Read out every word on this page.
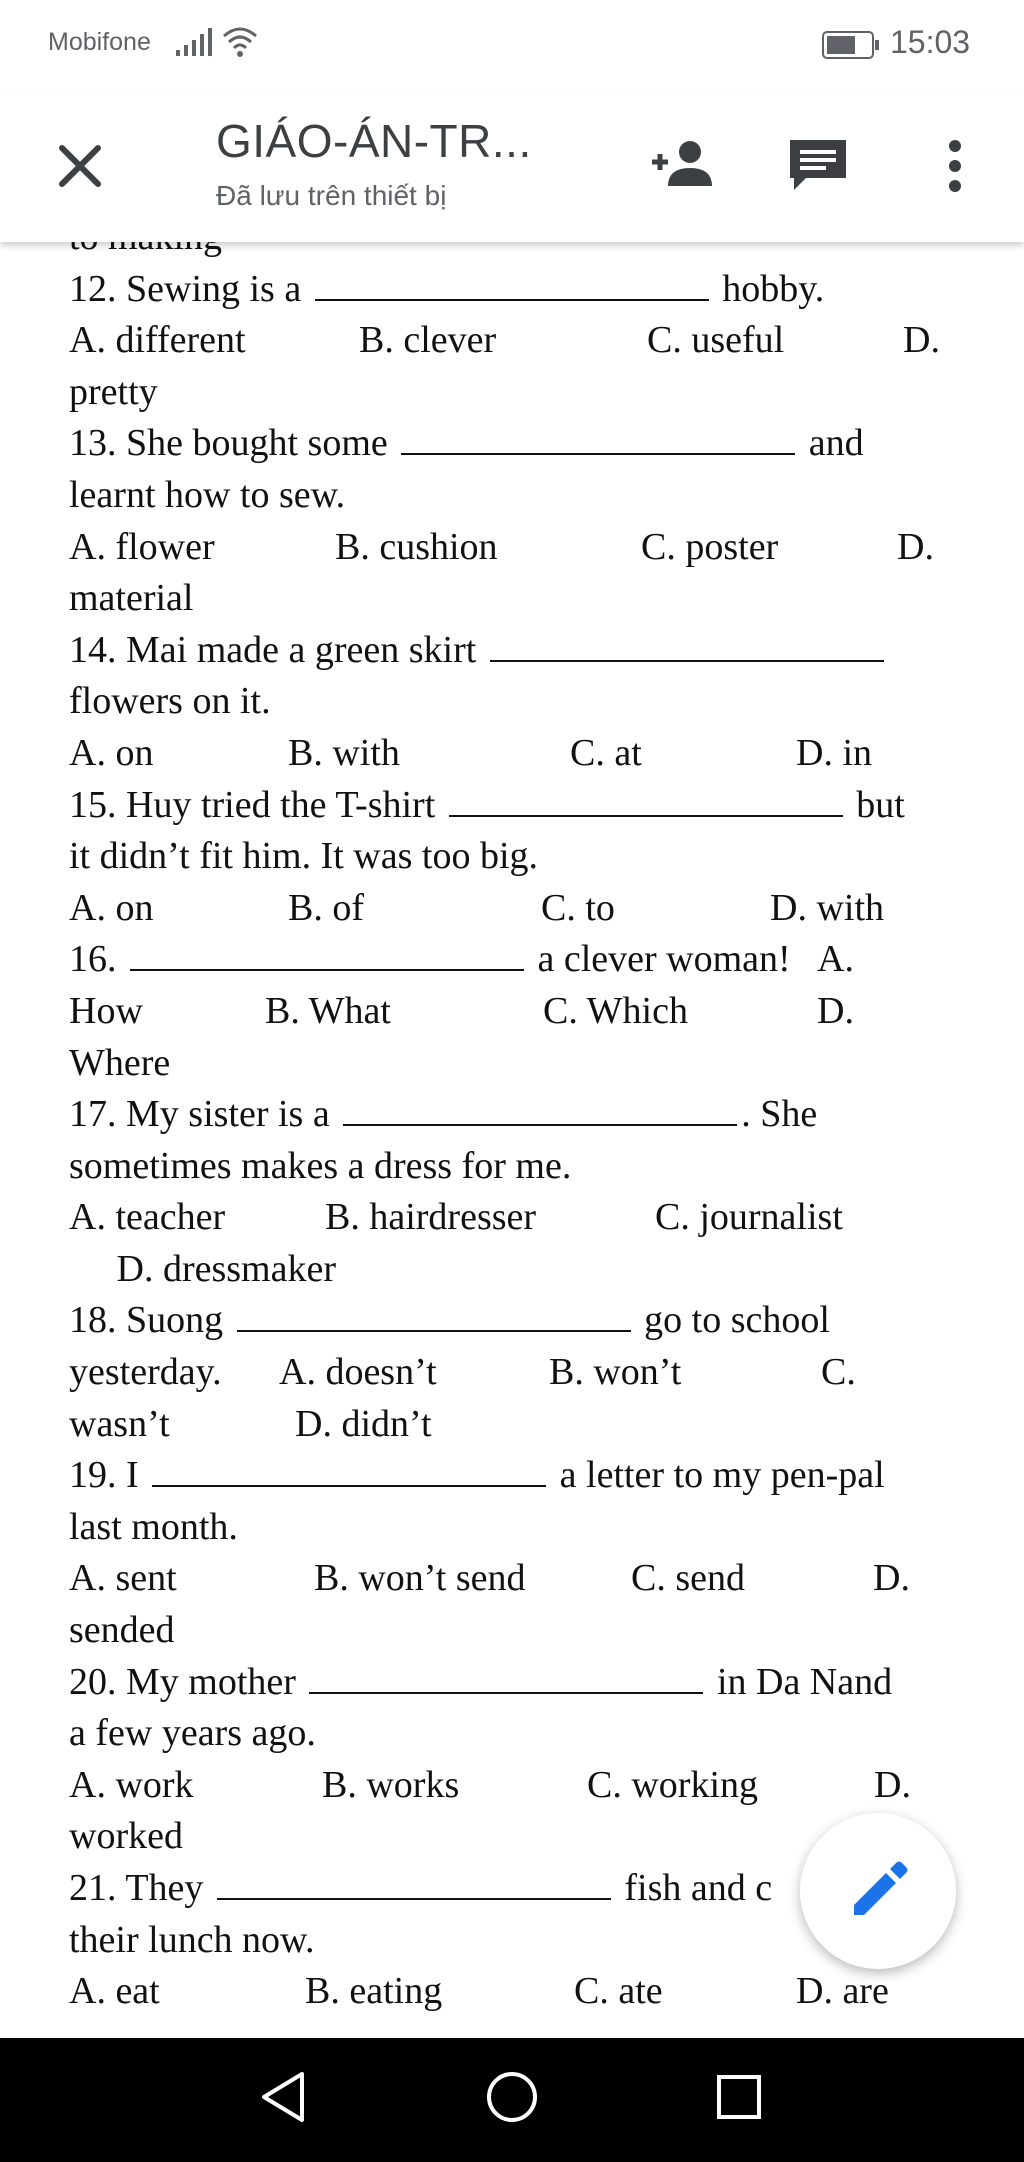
Mobifone	15:03
GIÁO-ÁN-TR...
Đã lưu trên thiết bị
12. Sewing is a	hobby.
A. different	B. clever	C. useful	D.
pretty
13. She bought some	and
learnt how to sew.
A. flower	B. cushion	C. poster	D.
material
14. Mai made a green skirt
flowers on it.
A. on	B. with	C. at	D. in
15. Huy tried the T-shirt	but
it didn’t fit him. It was too big.
A. on	B. of	C. to	D. with
16.	a clever woman!   A.
How	B. What	C. Which	D.
Where
17. My sister is a	. She
sometimes makes a dress for me.
A. teacher	B. hairdresser	C. journalist
D. dressmaker
18. Suong	go to school
yesterday. A. doesn’t	B. won’t	C.
wasn’t	D. didn’t
19. I	a letter to my pen-pal
last month.
A. sent	B. won’t send	C. send	D.
sended
20. My mother	in Da Nand
a few years ago.
A. work	B. works	C. working	D.
worked
21. They	fish and c
their lunch now.
A. eat	B. eating	C. ate	D. are
